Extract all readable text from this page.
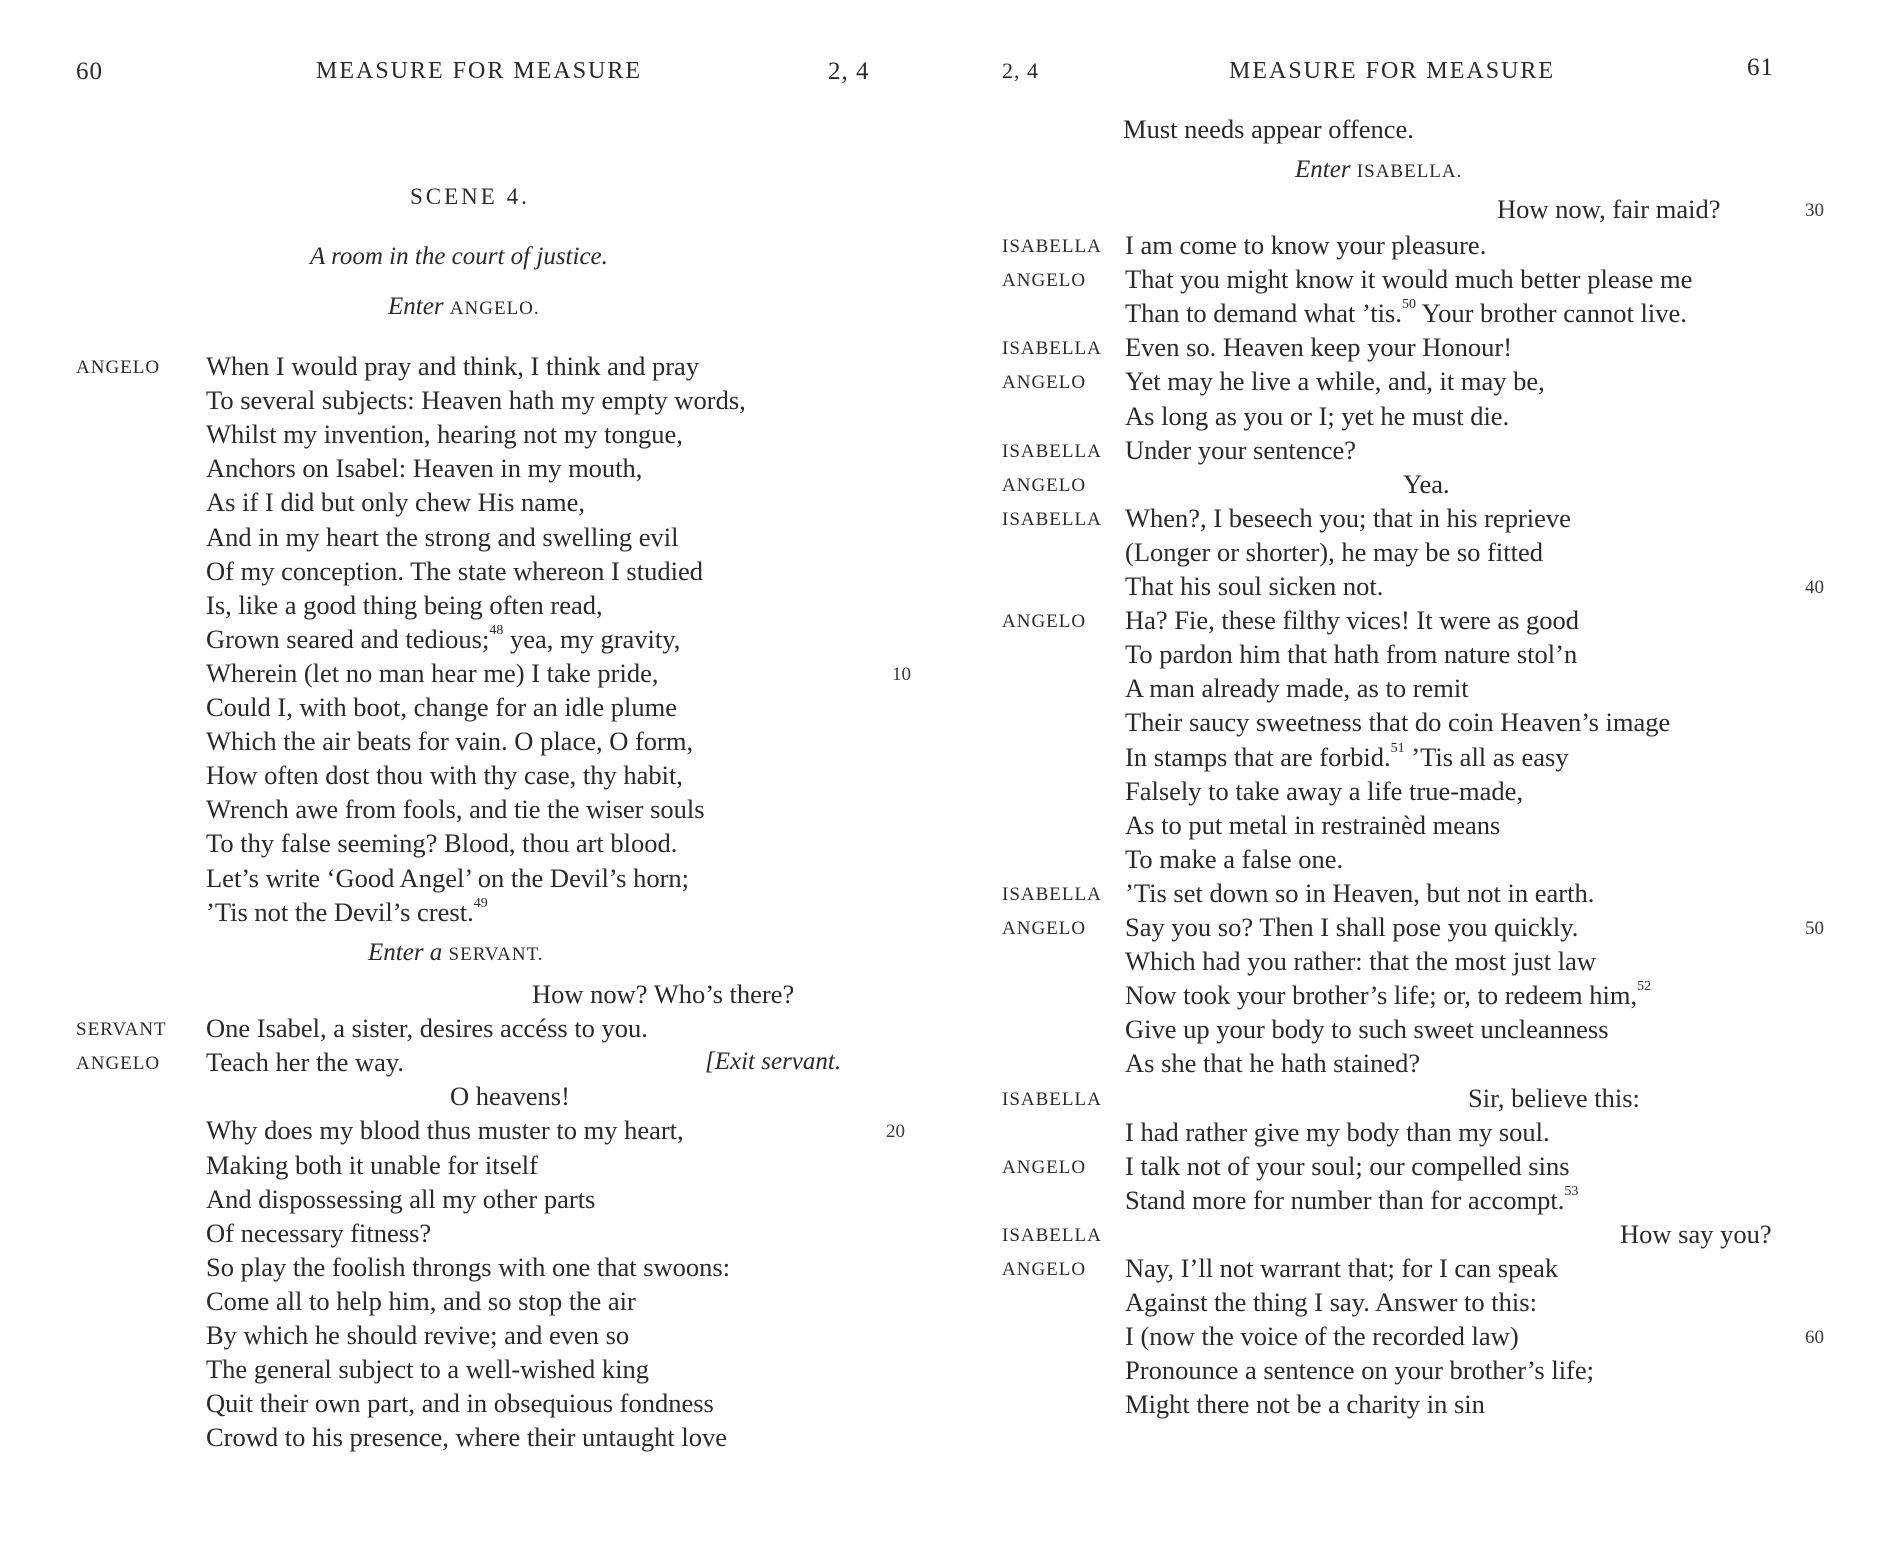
60	MEASURE FOR MEASURE	2, 4
SCENE 4.
A room in the court of justice.
Enter ANGELO.
ANGELO When I would pray and think, I think and pray
To several subjects: Heaven hath my empty words,
Whilst my invention, hearing not my tongue,
Anchors on Isabel: Heaven in my mouth,
As if I did but only chew His name,
And in my heart the strong and swelling evil
Of my conception. The state whereon I studied
Is, like a good thing being often read,
Grown seared and tedious;$^{48}$ yea, my gravity,
Wherein (let no man hear me) I take pride,	10
Could I, with boot, change for an idle plume
Which the air beats for vain. O place, O form,
How often dost thou with thy case, thy habit,
Wrench awe from fools, and tie the wiser souls
To thy false seeming? Blood, thou art blood.
Let’s write ‘Good Angel’ on the Devil’s horn;
’Tis not the Devil’s crest.$^{49}$
Enter a SERVANT.
How now? Who’s there?
SERVANT One Isabel, a sister, desires accéss to you.
ANGELO Teach her the way.	[Exit servant.
O heavens!
Why does my blood thus muster to my heart,	20
Making both it unable for itself
And dispossessing all my other parts
Of necessary fitness?
So play the foolish throngs with one that swoons:
Come all to help him, and so stop the air
By which he should revive; and even so
The general subject to a well-wished king
Quit their own part, and in obsequious fondness
Crowd to his presence, where their untaught love
2, 4	MEASURE FOR MEASURE	61
Must needs appear offence.
Enter ISABELLA.
How now, fair maid?	30
ISABELLA I am come to know your pleasure.
ANGELO That you might know it would much better please me
Than to demand what ’tis.$^{50}$ Your brother cannot live.
ISABELLA Even so. Heaven keep your Honour!
ANGELO Yet may he live a while, and, it may be,
As long as you or I; yet he must die.
ISABELLA Under your sentence?
ANGELO	Yea.
ISABELLA When?, I beseech you; that in his reprieve
(Longer or shorter), he may be so fitted
That his soul sicken not.	40
ANGELO Ha? Fie, these filthy vices! It were as good
To pardon him that hath from nature stol’n
A man already made, as to remit
Their saucy sweetness that do coin Heaven’s image
In stamps that are forbid.$^{51}$ ’Tis all as easy
Falsely to take away a life true-made,
As to put metal in restrainèd means
To make a false one.
ISABELLA ’Tis set down so in Heaven, but not in earth.
ANGELO Say you so? Then I shall pose you quickly.	50
Which had you rather: that the most just law
Now took your brother’s life; or, to redeem him,$^{52}$
Give up your body to such sweet uncleanness
As she that he hath stained?
ISABELLA	Sir, believe this:
I had rather give my body than my soul.
ANGELO I talk not of your soul; our compelled sins
Stand more for number than for accompt.$^{53}$
ISABELLA	How say you?
ANGELO Nay, I’ll not warrant that; for I can speak
Against the thing I say. Answer to this:
I (now the voice of the recorded law)	60
Pronounce a sentence on your brother’s life;
Might there not be a charity in sin
